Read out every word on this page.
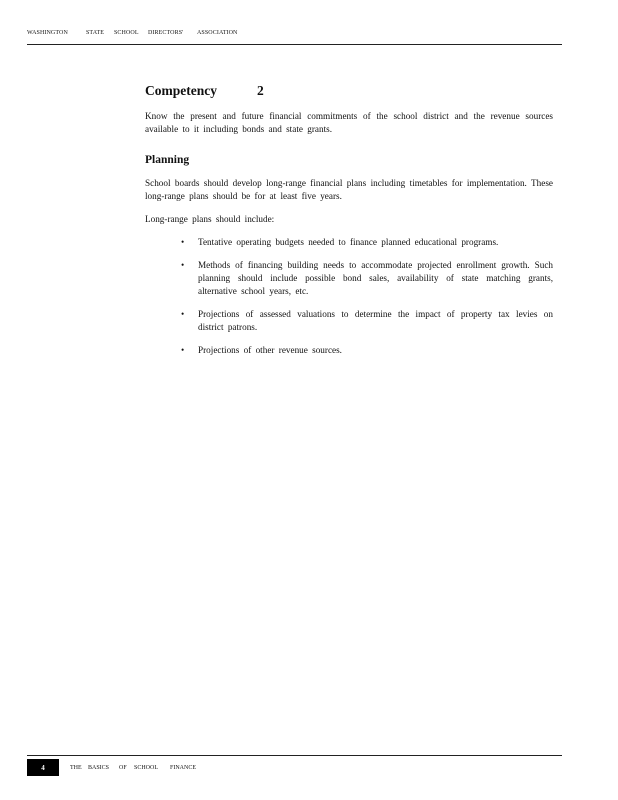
WASHINGTON	STATE SCHOOL DIRECTORS' ASSOCIATION
Competency	2

Know the present and future financial commitments of the school district and the revenue sources available to it including bonds and state grants.

Planning

School boards should develop long-range financial plans including timetables for implementation. These long-range plans should be for at least five years.

Long-range plans should include:

• Tentative operating budgets needed to finance planned educational programs.
• Methods of financing building needs to accommodate projected enrollment growth. Such planning should include possible bond sales, availability of state matching grants, alternative school years, etc.
• Projections of assessed valuations to determine the impact of property tax levies on district patrons.
• Projections of other revenue sources.
4	THE BASICS OF SCHOOL FINANCE
